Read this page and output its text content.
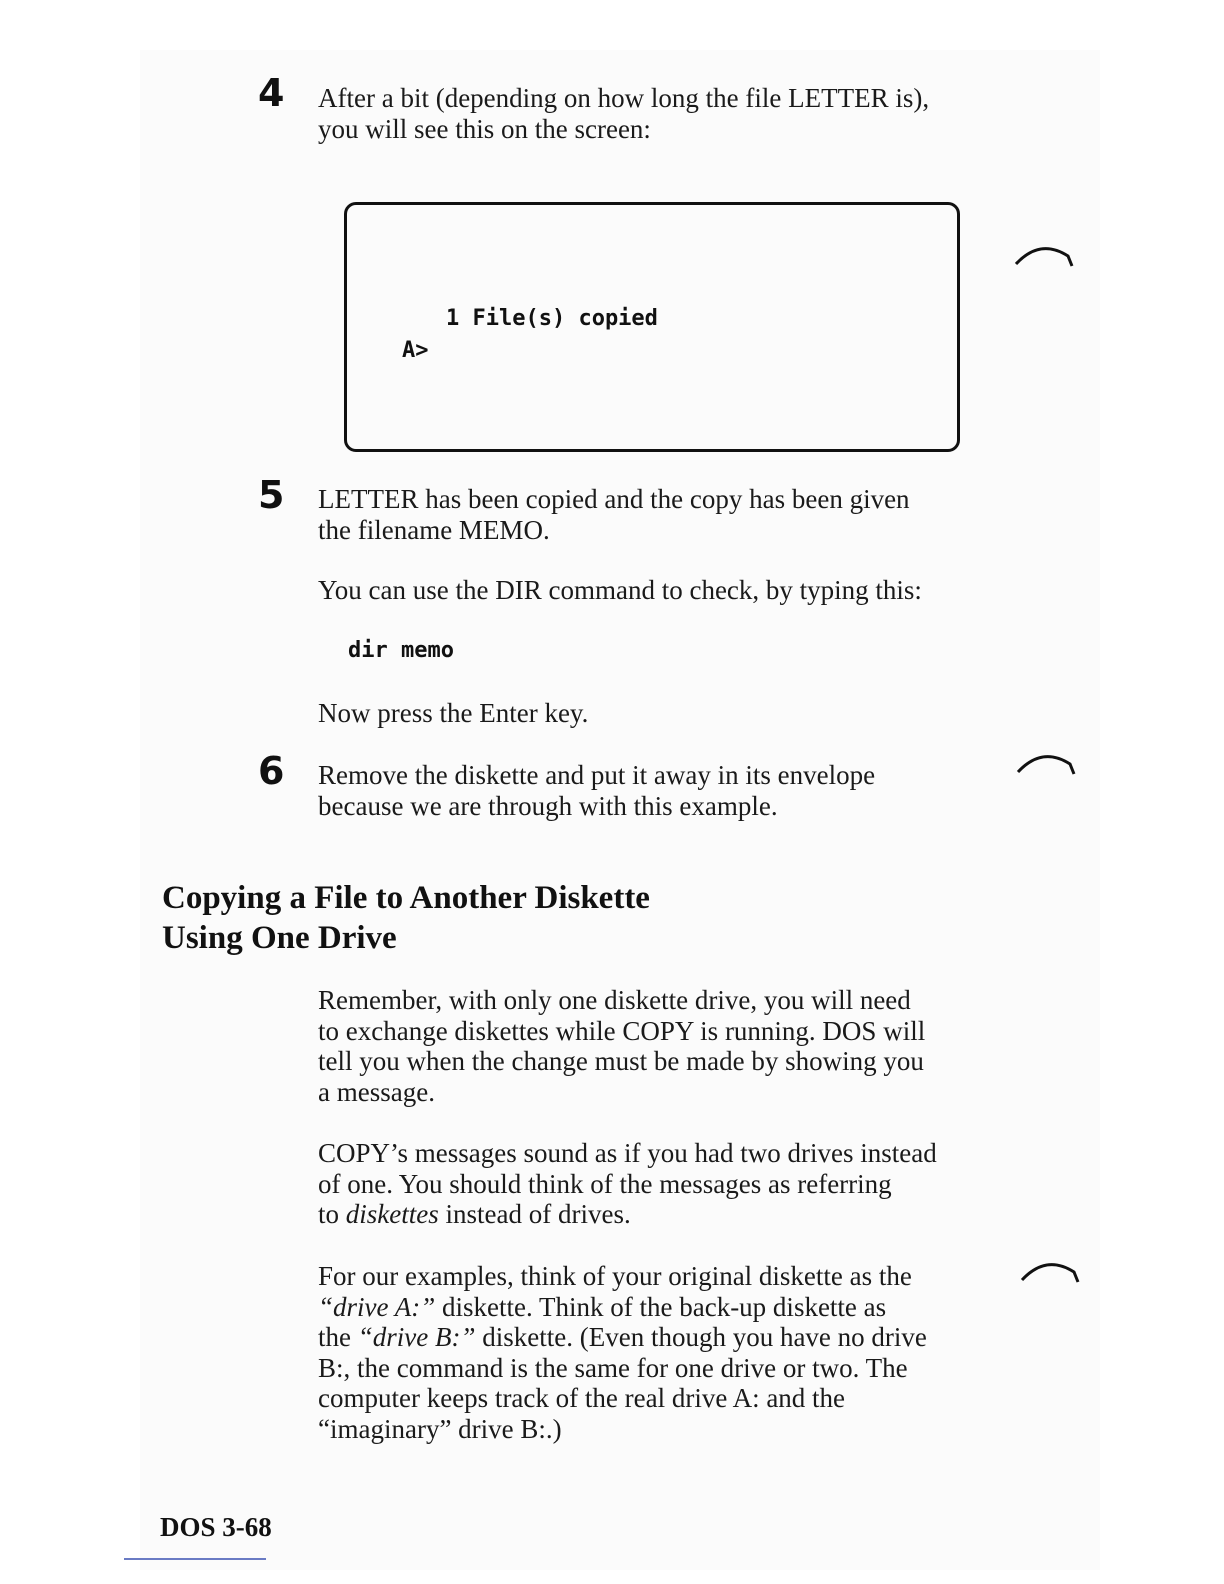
4 After a bit (depending on how long the file LETTER is),

you will see this on the screen:

1 File(s) copied
A>
5 LETTER has been copied and the copy has been given

the filename MEMO.

You can use the DIR command to check, by typing this:
dir memo
Now press the Enter key.
6 Remove the diskette and put it away in its envelope

because we are through with this example.

Copying a File to Another Diskette
Using One Drive

Remember, with only one diskette drive, you will need

to exchange diskettes while COPY is running. DOS will

tell you when the change must be made by showing you

a message.

COPY’s messages sound as if you had two drives instead

of one. You should think of the messages as referring

to diskettes instead of drives.

For our examples, think of your original diskette as the

“drive A:” diskette. Think of the back-up diskette as

the “drive B:” diskette. (Even though you have no drive

B:, the command is the same for one drive or two. The

computer keeps track of the real drive A: and the

“imaginary” drive B:.)

DOS 3-68
